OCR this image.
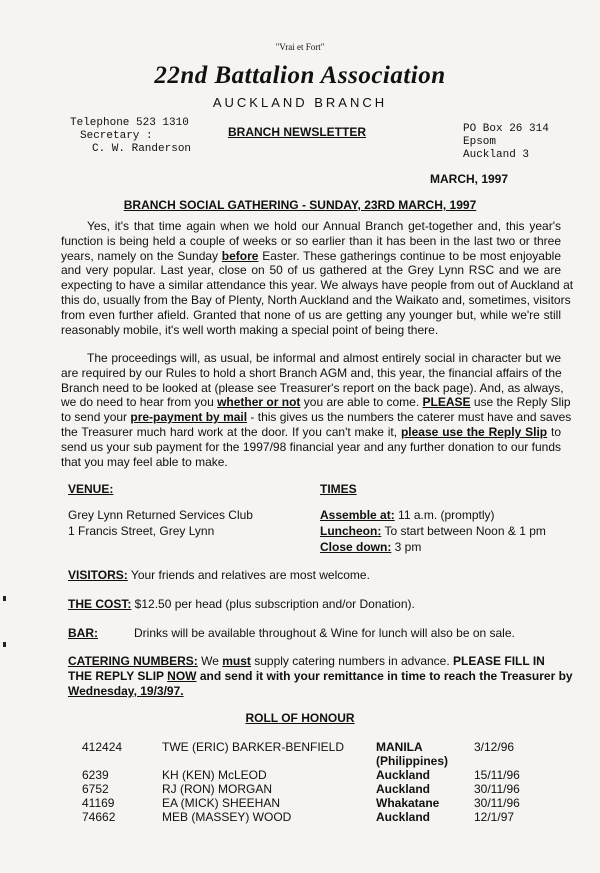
"Vrai et Fort"
22nd Battalion Association
AUCKLAND BRANCH
Telephone 523 1310
Secretary :
C. W. Randerson
BRANCH NEWSLETTER	PO Box 26 314
Epsom
Auckland 3
MARCH, 1997
BRANCH SOCIAL GATHERING - SUNDAY, 23RD MARCH, 1997
Yes, it's that time again when we hold our Annual Branch get-together and, this year's
function is being held a couple of weeks or so earlier than it has been in the last two or three
years, namely on the Sunday before Easter. These gatherings continue to be most enjoyable
and very popular. Last year, close on 50 of us gathered at the Grey Lynn RSC and we are
expecting to have a similar attendance this year. We always have people from out of Auckland at
this do, usually from the Bay of Plenty, North Auckland and the Waikato and, sometimes, visitors
from even further afield. Granted that none of us are getting any younger but, while we're still
reasonably mobile, it's well worth making a special point of being there.
The proceedings will, as usual, be informal and almost entirely social in character but we
are required by our Rules to hold a short Branch AGM and, this year, the financial affairs of the
Branch need to be looked at (please see Treasurer's report on the back page). And, as always,
we do need to hear from you whether or not you are able to come. PLEASE use the Reply Slip
to send your pre-payment by mail - this gives us the numbers the caterer must have and saves
the Treasurer much hard work at the door. If you can't make it, please use the Reply Slip to
send us your sub payment for the 1997/98 financial year and any further donation to our funds
that you may feel able to make.
VENUE:
Grey Lynn Returned Services Club
1 Francis Street, Grey Lynn
TIMES
Assemble at: 11 a.m. (promptly)
Luncheon: To start between Noon & 1 pm
Close down: 3 pm
VISITORS: Your friends and relatives are most welcome.
THE COST: $12.50 per head (plus subscription and/or Donation).
BAR:	Drinks will be available throughout & Wine for lunch will also be on sale.
CATERING NUMBERS: We must supply catering numbers in advance. PLEASE FILL IN
THE REPLY SLIP NOW and send it with your remittance in time to reach the Treasurer by
Wednesday, 19/3/97.
ROLL OF HONOUR
412424	TWE (ERIC) BARKER-BENFIELD	MANILA	3/12/96
(Philippines)
6239	KH (KEN) McLEOD	Auckland	15/11/96
6752	RJ (RON) MORGAN	Auckland	30/11/96
41169	EA (MICK) SHEEHAN	Whakatane	30/11/96
74662	MEB (MASSEY) WOOD	Auckland	12/1/97
